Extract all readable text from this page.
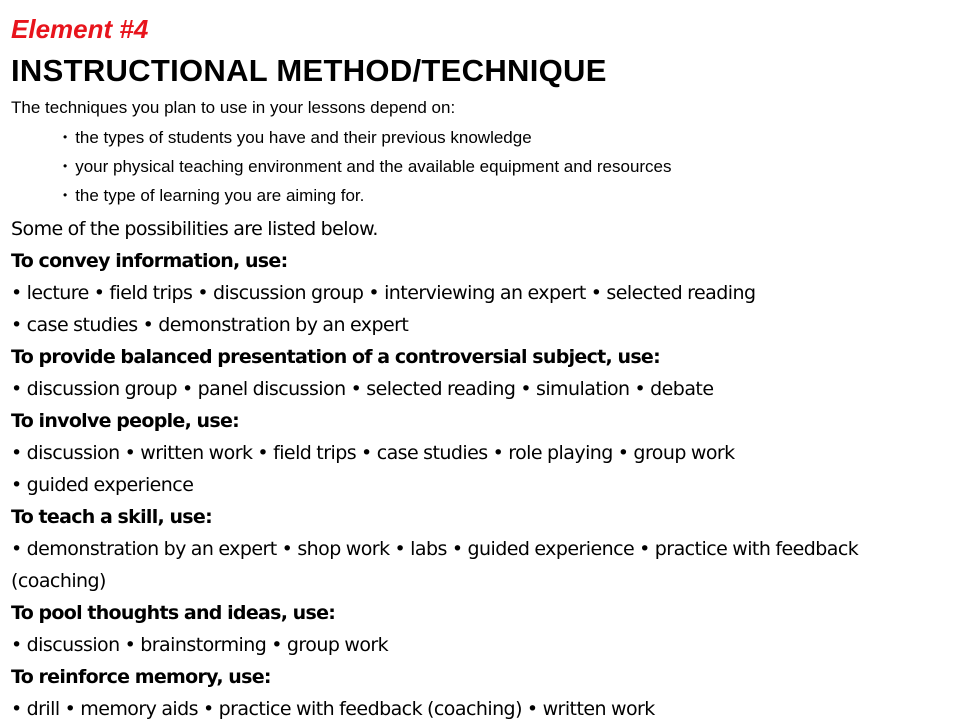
Element #4
INSTRUCTIONAL METHOD/TECHNIQUE
The techniques you plan to use in your lessons depend on:
• the types of students you have and their previous knowledge
• your physical teaching environment and the available equipment and resources
• the type of learning you are aiming for.

Some of the possibilities are listed below.

To convey information, use:

• lecture • field trips • discussion group • interviewing an expert • selected reading

• case studies • demonstration by an expert

To provide balanced presentation of a controversial subject, use:

• discussion group • panel discussion • selected reading • simulation • debate

To involve people, use:

• discussion • written work • field trips • case studies • role playing • group work

• guided experience

To teach a skill, use:

• demonstration by an expert • shop work • labs • guided experience • practice with feedback (coaching)

To pool thoughts and ideas, use:

• discussion • brainstorming • group work

To reinforce memory, use:

• drill • memory aids • practice with feedback (coaching) • written work
